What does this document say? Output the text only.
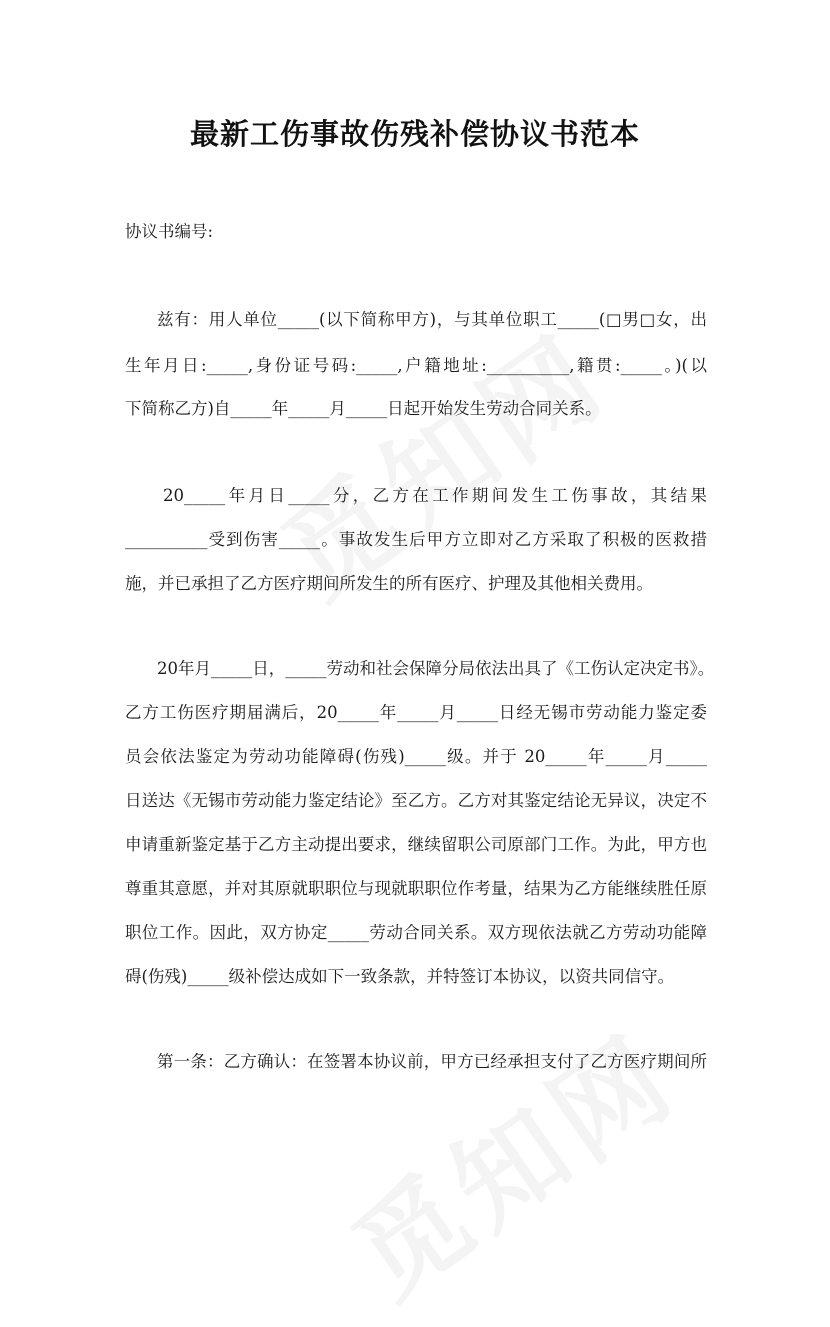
最新工伤事故伤残补偿协议书范本
协议书编号:
兹有：用人单位_____(以下简称甲方)，与其单位职工_____(□男□女，出
生年月日:_____,身份证号码:_____,户籍地址:__________,籍贯:_____。)(以
下简称乙方)自_____年_____月_____日起开始发生劳动合同关系。
20_____年月日_____分，乙方在工作期间发生工伤事故，其结果
__________受到伤害_____。事故发生后甲方立即对乙方采取了积极的医救措
施，并已承担了乙方医疗期间所发生的所有医疗、护理及其他相关费用。
20年月_____日，_____劳动和社会保障分局依法出具了《工伤认定决定书》。
乙方工伤医疗期届满后，20_____年_____月_____日经无锡市劳动能力鉴定委
员会依法鉴定为劳动功能障碍(伤残)_____级。并于 20_____年_____月_____
日送达《无锡市劳动能力鉴定结论》至乙方。乙方对其鉴定结论无异议，决定不
申请重新鉴定基于乙方主动提出要求，继续留职公司原部门工作。为此，甲方也
尊重其意愿，并对其原就职职位与现就职职位作考量，结果为乙方能继续胜任原
职位工作。因此，双方协定_____劳动合同关系。双方现依法就乙方劳动功能障
碍(伤残)_____级补偿达成如下一致条款，并特签订本协议，以资共同信守。
第一条：乙方确认：在签署本协议前，甲方已经承担支付了乙方医疗期间所
